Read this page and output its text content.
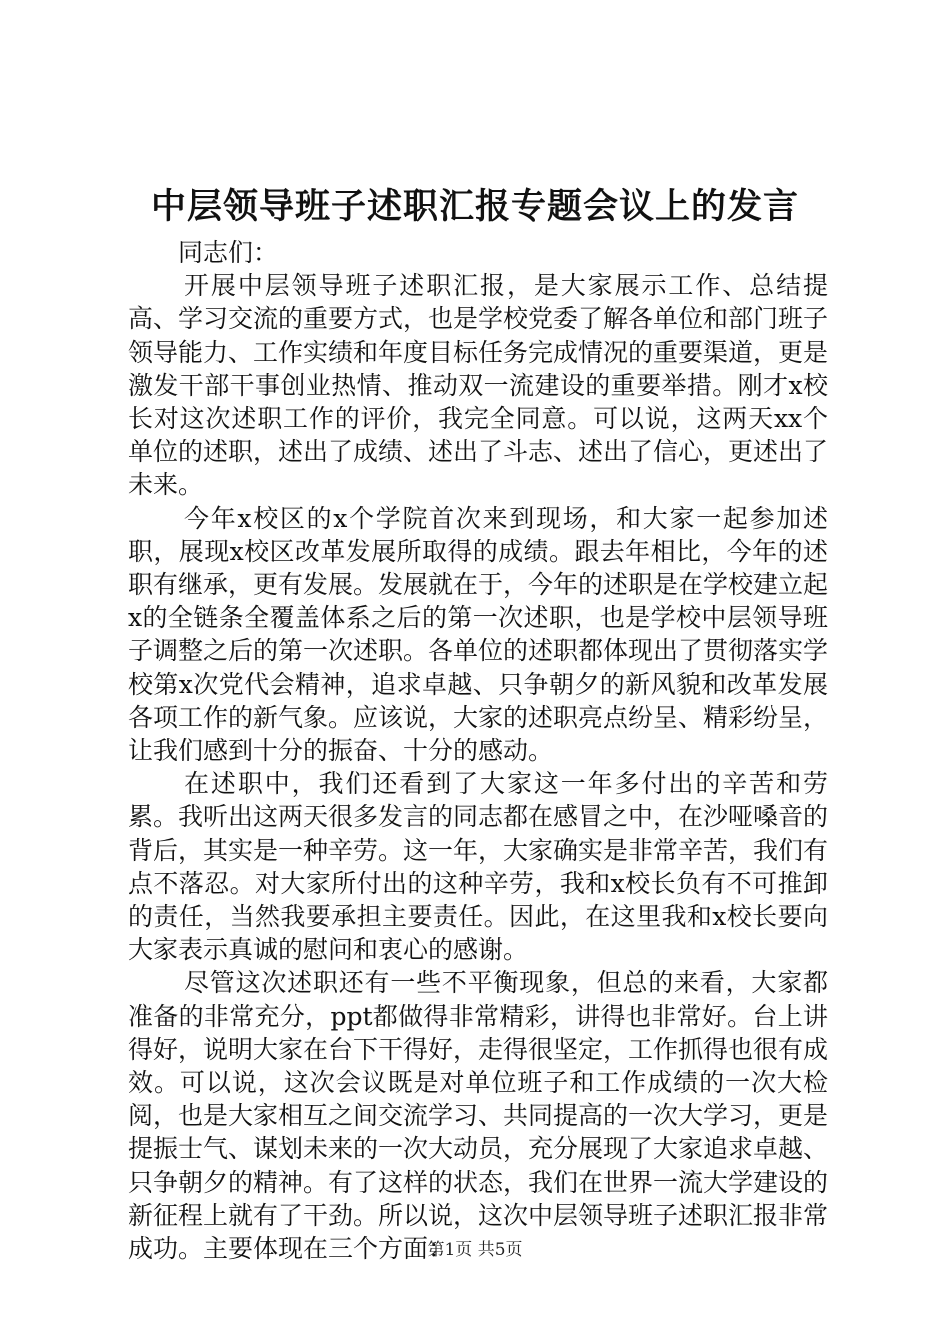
中层领导班子述职汇报专题会议上的发言

同志们：

开展中层领导班子述职汇报，是大家展示工作、总结提高、学习交流的重要方式，也是学校党委了解各单位和部门班子领导能力、工作实绩和年度目标任务完成情况的重要渠道，更是激发干部干事创业热情、推动双一流建设的重要举措。刚才x校长对这次述职工作的评价，我完全同意。可以说，这两天xx个单位的述职，述出了成绩、述出了斗志、述出了信心，更述出了未来。

今年x校区的x个学院首次来到现场，和大家一起参加述职，展现x校区改革发展所取得的成绩。跟去年相比，今年的述职有继承，更有发展。发展就在于，今年的述职是在学校建立起x的全链条全覆盖体系之后的第一次述职，也是学校中层领导班子调整之后的第一次述职。各单位的述职都体现出了贯彻落实学校第x次党代会精神，追求卓越、只争朝夕的新风貌和改革发展各项工作的新气象。应该说，大家的述职亮点纷呈、精彩纷呈，让我们感到十分的振奋、十分的感动。

在述职中，我们还看到了大家这一年多付出的辛苦和劳累。我听出这两天很多发言的同志都在感冒之中，在沙哑嗓音的背后，其实是一种辛劳。这一年，大家确实是非常辛苦，我们有点不落忍。对大家所付出的这种辛劳，我和x校长负有不可推卸的责任，当然我要承担主要责任。因此，在这里我和x校长要向大家表示真诚的慰问和衷心的感谢。

尽管这次述职还有一些不平衡现象，但总的来看，大家都准备的非常充分，ppt都做得非常精彩，讲得也非常好。台上讲得好，说明大家在台下干得好，走得很坚定，工作抓得也很有成效。可以说，这次会议既是对单位班子和工作成绩的一次大检阅，也是大家相互之间交流学习、共同提高的一次大学习，更是提振士气、谋划未来的一次大动员，充分展现了大家追求卓越、只争朝夕的精神。有了这样的状态，我们在世界一流大学建设的新征程上就有了干劲。所以说，这次中层领导班子述职汇报非常成功。主要体现在三个方面：

第1页 共5页
